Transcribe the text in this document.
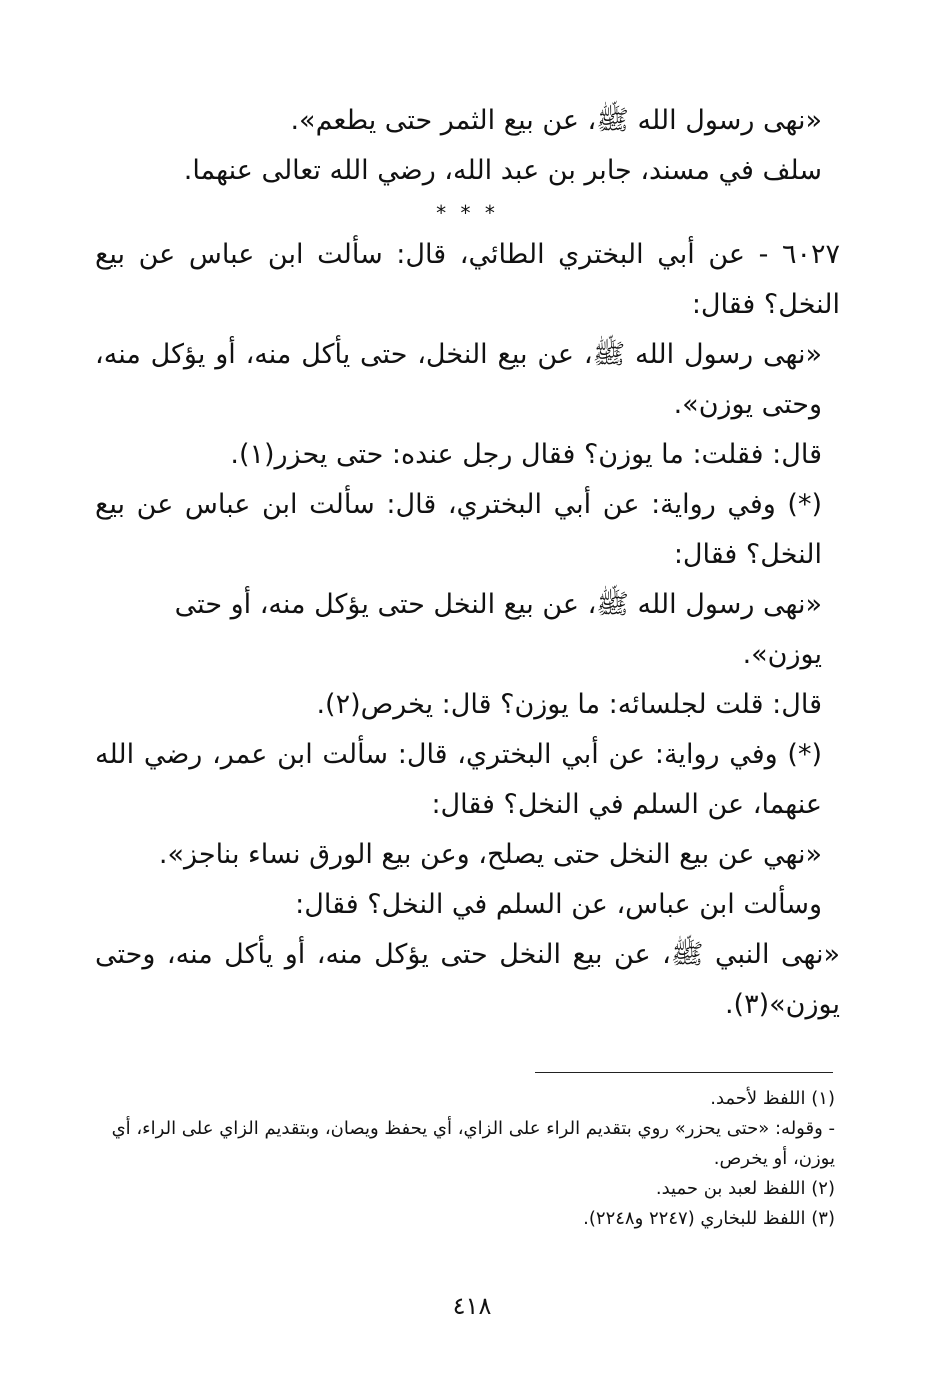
«نهى رسول الله ﷺ، عن بيع الثمر حتى يطعم».

سلف في مسند، جابر بن عبد الله، رضي الله تعالى عنهما.

* * *

٦٠٢٧ - عن أبي البختري الطائي، قال: سألت ابن عباس عن بيع النخل؟ فقال:

«نهى رسول الله ﷺ، عن بيع النخل، حتى يأكل منه، أو يؤكل منه، وحتى يوزن».

قال: فقلت: ما يوزن؟ فقال رجل عنده: حتى يحزر(١).

(*) وفي رواية: عن أبي البختري، قال: سألت ابن عباس عن بيع النخل؟ فقال:

«نهى رسول الله ﷺ، عن بيع النخل حتى يؤكل منه، أو حتى يوزن».

قال: قلت لجلسائه: ما يوزن؟ قال: يخرص(٢).

(*) وفي رواية: عن أبي البختري، قال: سألت ابن عمر، رضي الله عنهما، عن السلم في النخل؟ فقال:

«نهي عن بيع النخل حتى يصلح، وعن بيع الورق نساء بناجز».

وسألت ابن عباس، عن السلم في النخل؟ فقال:

«نهى النبي ﷺ، عن بيع النخل حتى يؤكل منه، أو يأكل منه، وحتى يوزن»(٣).

(١) اللفظ لأحمد.

- وقوله: «حتى يحزر» روي بتقديم الراء على الزاي، أي يحفظ ويصان، وبتقديم الزاي على الراء، أي يوزن، أو يخرص.

(٢) اللفظ لعبد بن حميد.

(٣) اللفظ للبخاري (٢٢٤٧ و٢٢٤٨).

٤١٨
